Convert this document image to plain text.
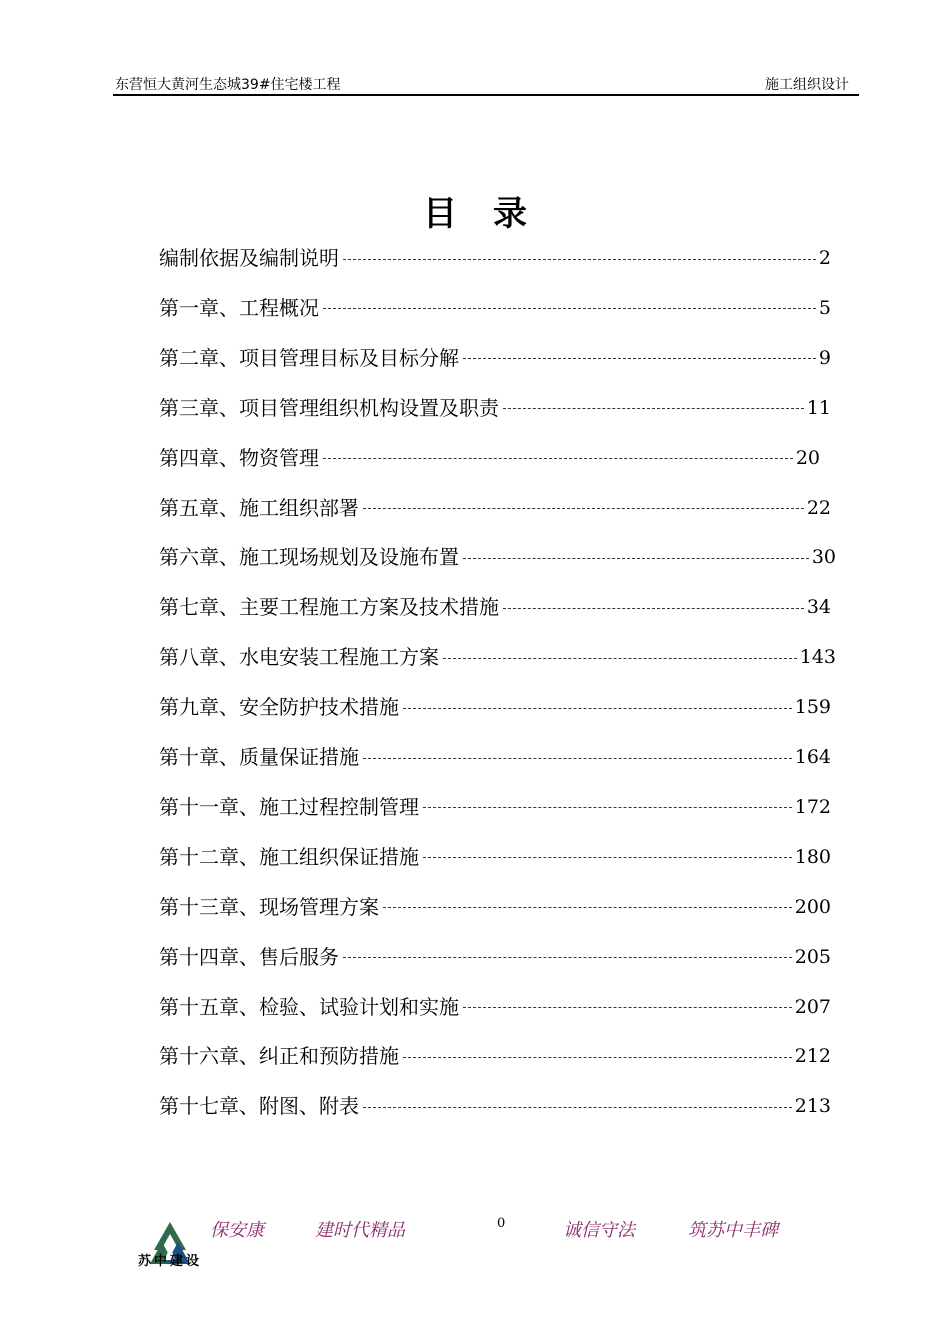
东营恒大黄河生态城39#住宅楼工程	施工组织设计
目录
编制依据及编制说明	2
第一章、工程概况	5
第二章、项目管理目标及目标分解	9
第三章、项目管理组织机构设置及职责	11
第四章、物资管理	20
第五章、施工组织部署	22
第六章、施工现场规划及设施布置	30
第七章、主要工程施工方案及技术措施	34
第八章、水电安装工程施工方案	143
第九章、安全防护技术措施	159
第十章、质量保证措施	164
第十一章、施工过程控制管理	172
第十二章、施工组织保证措施	180
第十三章、现场管理方案	200
第十四章、售后服务	205
第十五章、检验、试验计划和实施	207
第十六章、纠正和预防措施	212
第十七章、附图、附表	213
苏中建设
保安康	建时代精品	0	诚信守法	筑苏中丰碑
